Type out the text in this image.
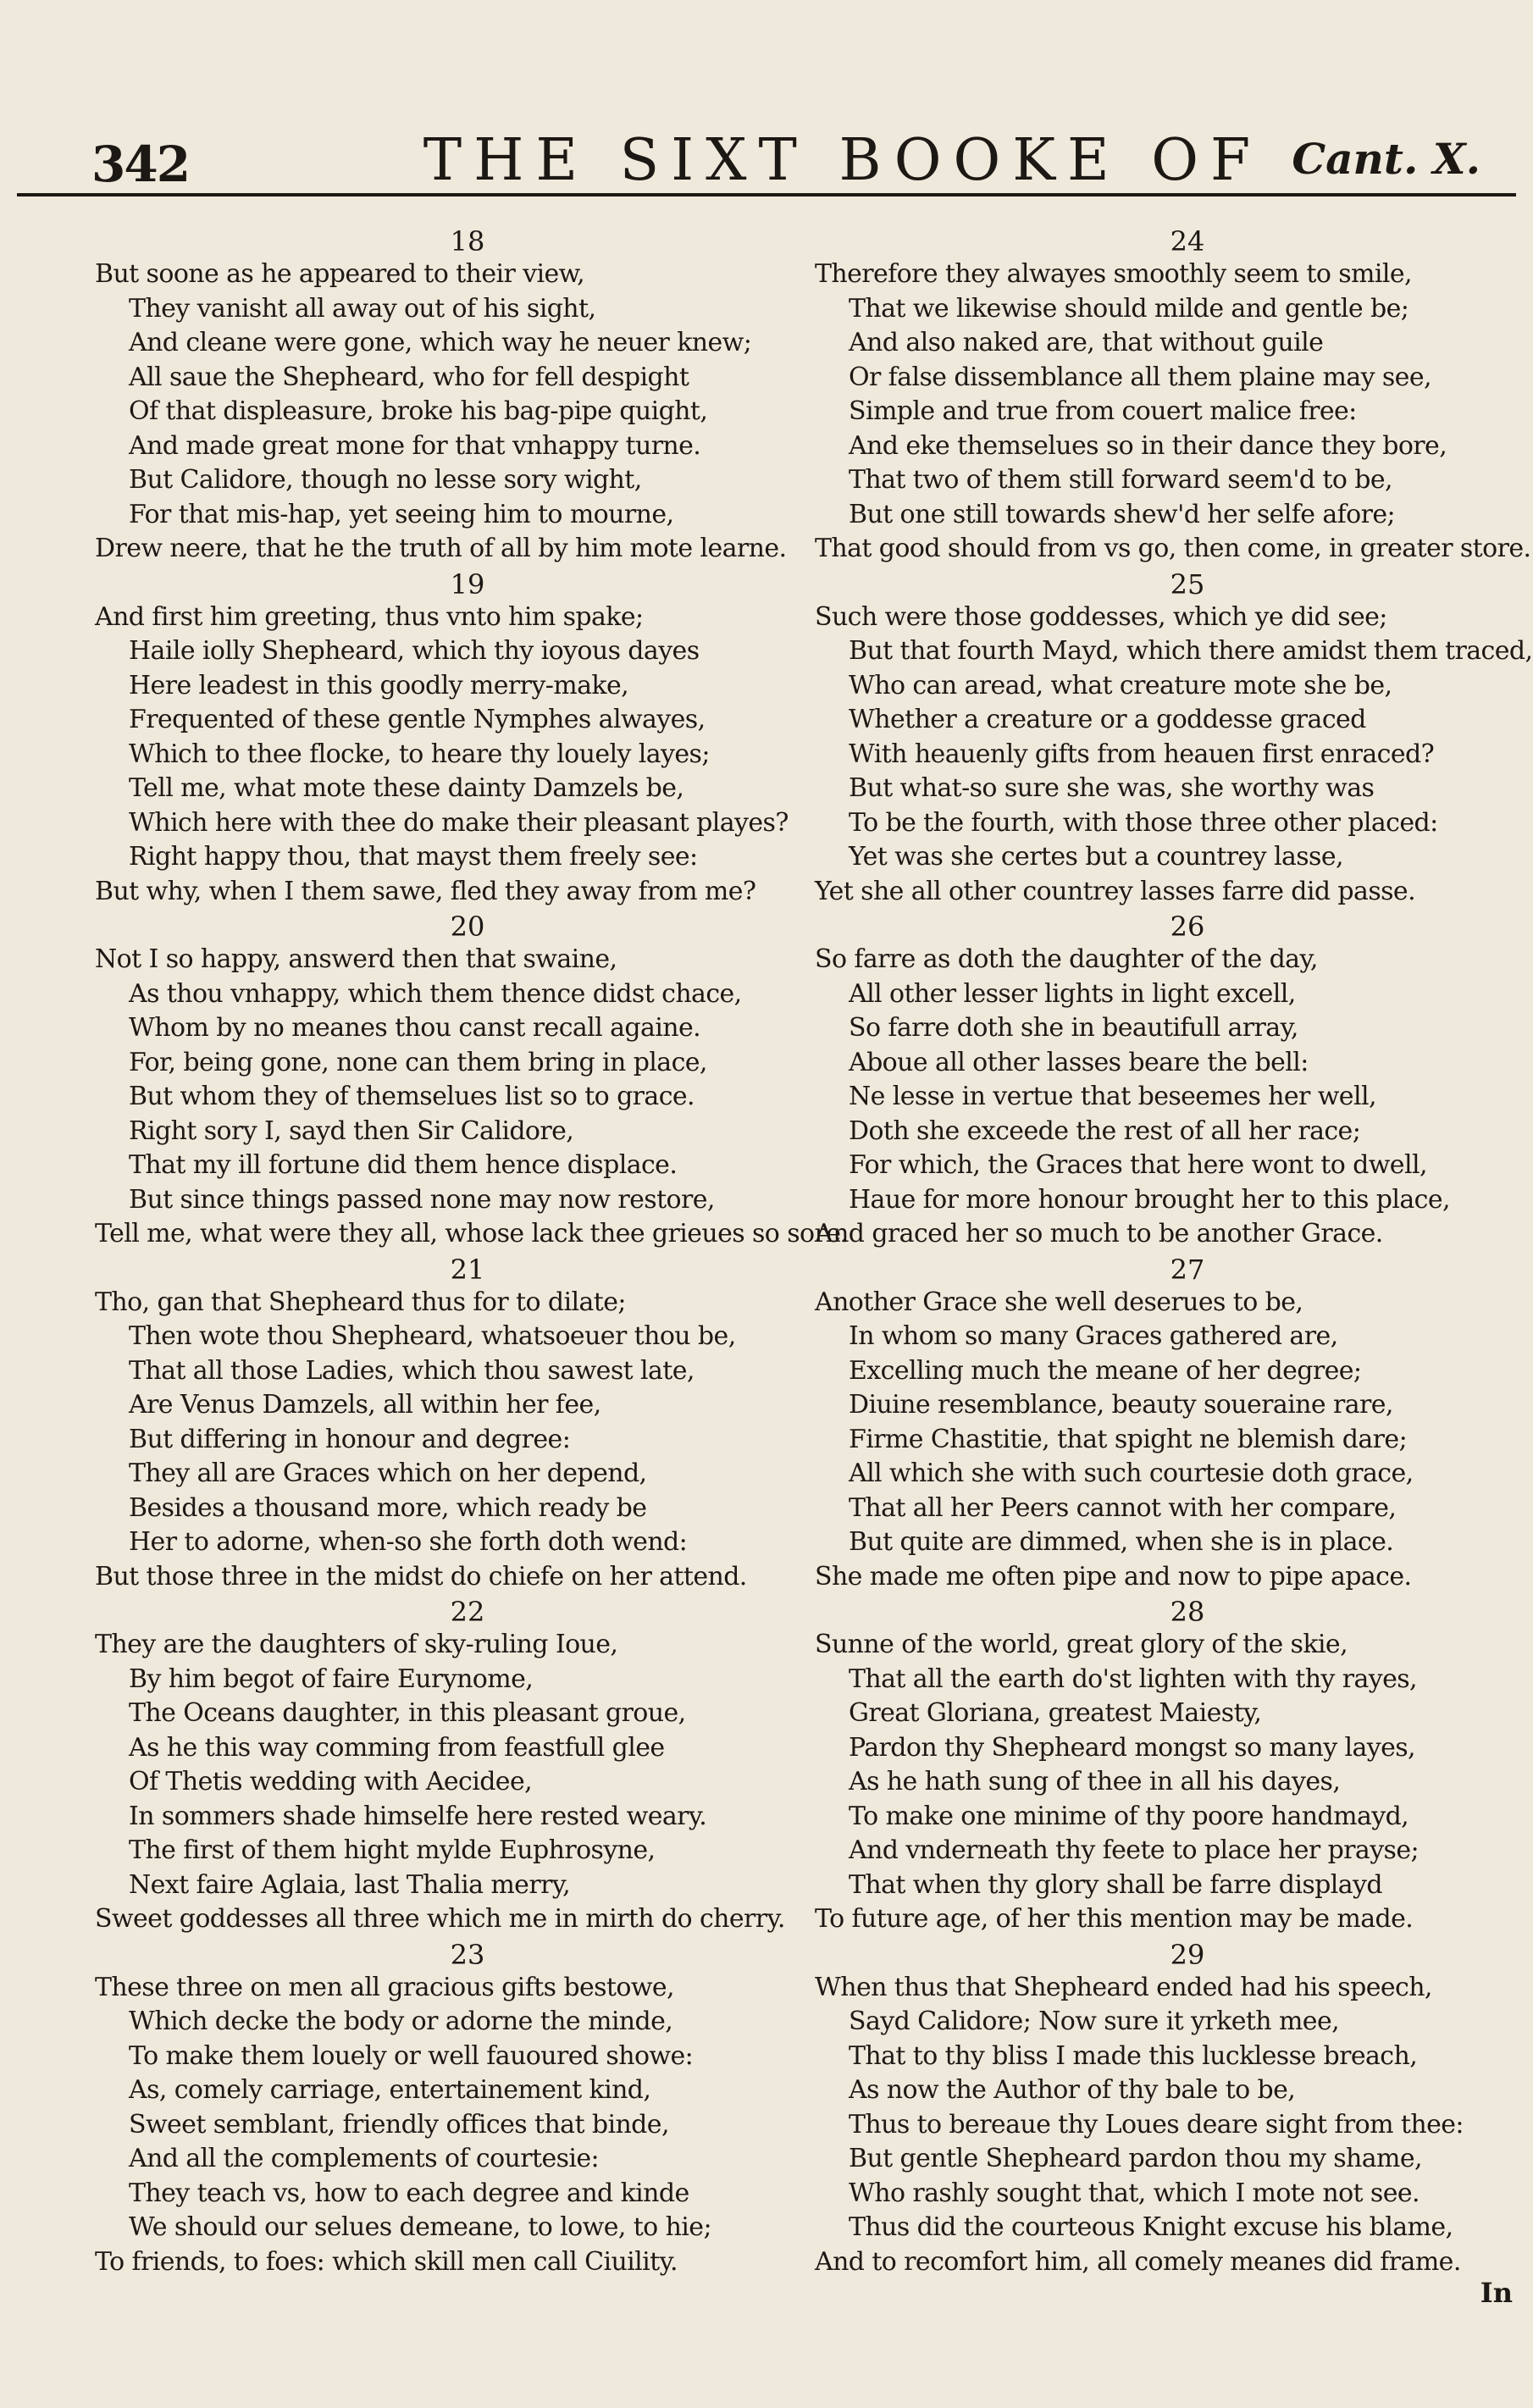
342	THE SIXT BOOKE OF Cant. X.
18
But soone as he appeared to their view,
They vanisht all away out of his sight,
And cleane were gone, which way he neuer knew;
All saue the Shepheard, who for fell despight
Of that displeasure, broke his bag-pipe quight,
And made great mone for that vnhappy turne.
But Calidore, though no lesse sory wight,
For that mis-hap, yet seeing him to mourne,
Drew neere, that he the truth of all by him mote learne.
19
And first him greeting, thus vnto him spake;
Haile iolly Shepheard, which thy ioyous dayes
Here leadest in this goodly merry-make,
Frequented of these gentle Nymphes alwayes,
Which to thee flocke, to heare thy louely layes;
Tell me, what mote these dainty Damzels be,
Which here with thee do make their pleasant playes?
Right happy thou, that mayst them freely see:
But why, when I them sawe, fled they away from me?
20
Not I so happy, answerd then that swaine,
As thou vnhappy, which them thence didst chace,
Whom by no meanes thou canst recall againe.
For, being gone, none can them bring in place,
But whom they of themselues list so to grace.
Right sory I, sayd then Sir Calidore,
That my ill fortune did them hence displace.
But since things passed none may now restore,
Tell me, what were they all, whose lack thee grieues so sore.
21
Tho, gan that Shepheard thus for to dilate;
Then wote thou Shepheard, whatsoeuer thou be,
That all those Ladies, which thou sawest late,
Are Venus Damzels, all within her fee,
But differing in honour and degree:
They all are Graces which on her depend,
Besides a thousand more, which ready be
Her to adorne, when-so she forth doth wend:
But those three in the midst do chiefe on her attend.
22
They are the daughters of sky-ruling Ioue,
By him begot of faire Eurynome,
The Oceans daughter, in this pleasant groue,
As he this way comming from feastfull glee
Of Thetis wedding with Aecidee,
In sommers shade himselfe here rested weary.
The first of them hight mylde Euphrosyne,
Next faire Aglaia, last Thalia merry,
Sweet goddesses all three which me in mirth do cherry.
23
These three on men all gracious gifts bestowe,
Which decke the body or adorne the minde,
To make them louely or well fauoured showe:
As, comely carriage, entertainement kind,
Sweet semblant, friendly offices that binde,
And all the complements of courtesie:
They teach vs, how to each degree and kinde
We should our selues demeane, to lowe, to hie;
To friends, to foes: which skill men call Ciuility.
24
Therefore they alwayes smoothly seem to smile,
That we likewise should milde and gentle be;
And also naked are, that without guile
Or false dissemblance all them plaine may see,
Simple and true from couert malice free:
And eke themselues so in their dance they bore,
That two of them still forward seem'd to be,
But one still towards shew'd her selfe afore;
That good should from vs go, then come, in greater store.
25
Such were those goddesses, which ye did see;
But that fourth Mayd, which there amidst them traced,
Who can aread, what creature mote she be,
Whether a creature or a goddesse graced
With heauenly gifts from heauen first enraced?
But what-so sure she was, she worthy was
To be the fourth, with those three other placed:
Yet was she certes but a countrey lasse,
Yet she all other countrey lasses farre did passe.
26
So farre as doth the daughter of the day,
All other lesser lights in light excell,
So farre doth she in beautifull array,
Aboue all other lasses beare the bell:
Ne lesse in vertue that beseemes her well,
Doth she exceede the rest of all her race;
For which, the Graces that here wont to dwell,
Haue for more honour brought her to this place,
And graced her so much to be another Grace.
27
Another Grace she well deserues to be,
In whom so many Graces gathered are,
Excelling much the meane of her degree;
Diuine resemblance, beauty soueraine rare,
Firme Chastitie, that spight ne blemish dare;
All which she with such courtesie doth grace,
That all her Peers cannot with her compare,
But quite are dimmed, when she is in place.
She made me often pipe and now to pipe apace.
28
Sunne of the world, great glory of the skie,
That all the earth do'st lighten with thy rayes,
Great Gloriana, greatest Maiesty,
Pardon thy Shepheard mongst so many layes,
As he hath sung of thee in all his dayes,
To make one minime of thy poore handmayd,
And vnderneath thy feete to place her prayse;
That when thy glory shall be farre displayd
To future age, of her this mention may be made.
29
When thus that Shepheard ended had his speech,
Sayd Calidore; Now sure it yrketh mee,
That to thy bliss I made this lucklesse breach,
As now the Author of thy bale to be,
Thus to bereaue thy Loues deare sight from thee:
But gentle Shepheard pardon thou my shame,
Who rashly sought that, which I mote not see.
Thus did the courteous Knight excuse his blame,
And to recomfort him, all comely meanes did frame.
In
